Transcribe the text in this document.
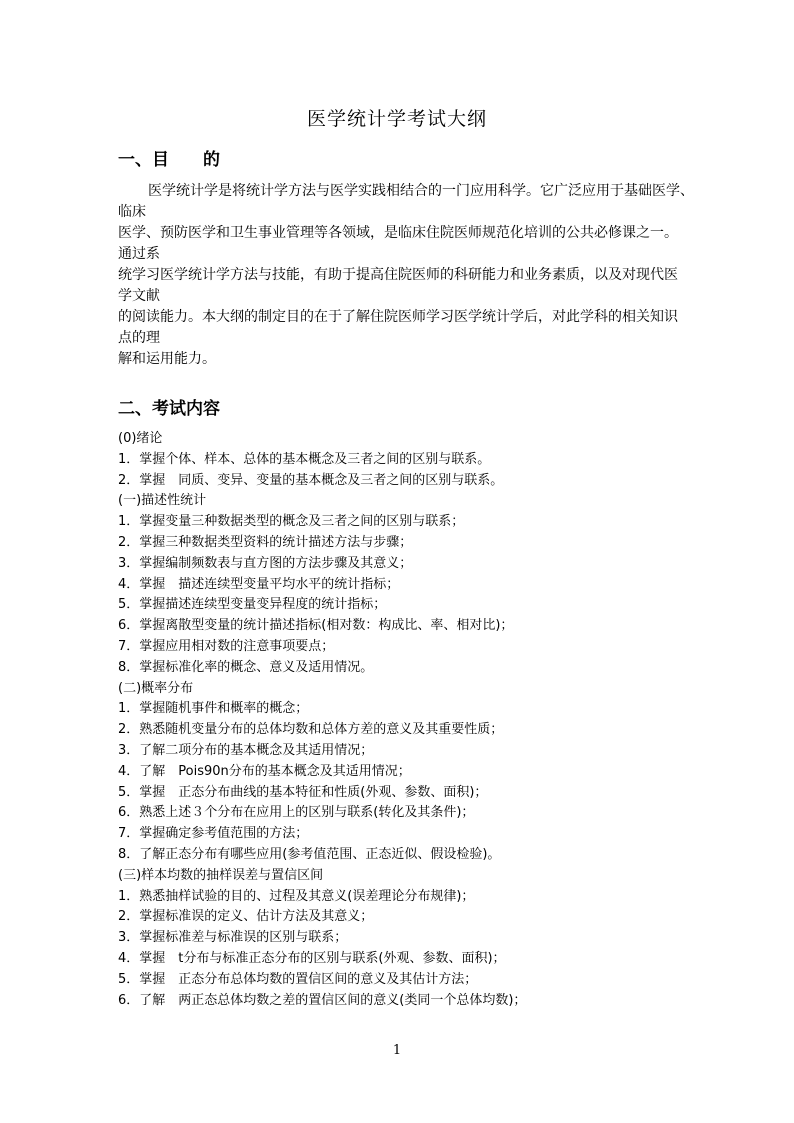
医学统计学考试大纲
一、目　　的
医学统计学是将统计学方法与医学实践相结合的一门应用科学。它广泛应用于基础医学、
临床
医学、预防医学和卫生事业管理等各领域，是临床住院医师规范化培训的公共必修课之一。
通过系
统学习医学统计学方法与技能，有助于提高住院医师的科研能力和业务素质，以及对现代医
学文献
的阅读能力。本大纲的制定目的在于了解住院医师学习医学统计学后，对此学科的相关知识
点的理
解和运用能力。
二、考试内容
(0)绪论
1．掌握个体、样本、总体的基本概念及三者之间的区别与联系。
2．掌握　同质、变异、变量的基本概念及三者之间的区别与联系。
(一)描述性统计
1．掌握变量三种数据类型的概念及三者之间的区别与联系；
2．掌握三种数据类型资料的统计描述方法与步骤；
3．掌握编制频数表与直方图的方法步骤及其意义；
4．掌握　描述连续型变量平均水平的统计指标；
5．掌握描述连续型变量变异程度的统计指标；
6．掌握离散型变量的统计描述指标(相对数：构成比、率、相对比)；
7．掌握应用相对数的注意事项要点；
8．掌握标准化率的概念、意义及适用情况。
(二)概率分布
1．掌握随机事件和概率的概念；
2．熟悉随机变量分布的总体均数和总体方差的意义及其重要性质；
3．了解二项分布的基本概念及其适用情况；
4．了解　Pois90n分布的基本概念及其适用情况；
5．掌握　正态分布曲线的基本特征和性质(外观、参数、面积)；
6．熟悉上述３个分布在应用上的区别与联系(转化及其条件)；
7．掌握确定参考值范围的方法；
8．了解正态分布有哪些应用(参考值范围、正态近似、假设检验)。
(三)样本均数的抽样误差与置信区间
1．熟悉抽样试验的目的、过程及其意义(误差理论分布规律)；
2．掌握标准误的定义、估计方法及其意义；
3．掌握标准差与标准误的区别与联系；
4．掌握　t分布与标准正态分布的区别与联系(外观、参数、面积)；
5．掌握　正态分布总体均数的置信区间的意义及其估计方法；
6．了解　两正态总体均数之差的置信区间的意义(类同一个总体均数)；
1
